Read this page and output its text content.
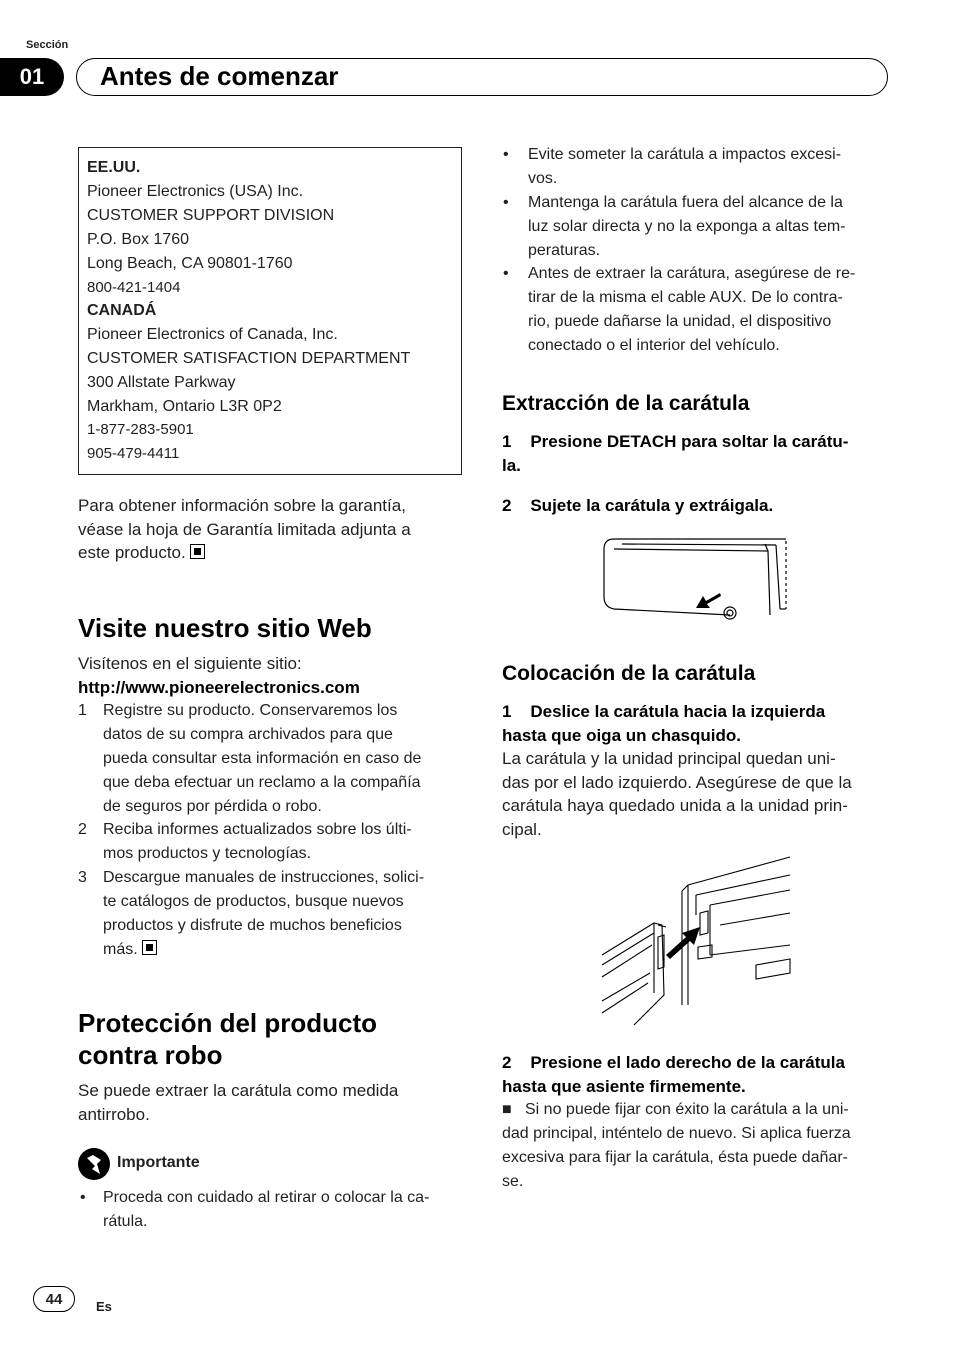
Sección
01	Antes de comenzar
EE.UU.
Pioneer Electronics (USA) Inc.
CUSTOMER SUPPORT DIVISION
P.O. Box 1760
Long Beach, CA 90801-1760
800-421-1404
CANADÁ
Pioneer Electronics of Canada, Inc.
CUSTOMER SATISFACTION DEPARTMENT
300 Allstate Parkway
Markham, Ontario L3R 0P2
1-877-283-5901
905-479-4411
Para obtener información sobre la garantía,
véase la hoja de Garantía limitada adjunta a
este producto.
Visite nuestro sitio Web
Visítenos en el siguiente sitio:
http://www.pioneerelectronics.com
1 Registre su producto. Conservaremos los
datos de su compra archivados para que
pueda consultar esta información en caso de
que deba efectuar un reclamo a la compañía
de seguros por pérdida o robo.
2 Reciba informes actualizados sobre los últi-
mos productos y tecnologías.
3 Descargue manuales de instrucciones, solici-
te catálogos de productos, busque nuevos
productos y disfrute de muchos beneficios
más.
Protección del producto
contra robo
Se puede extraer la carátula como medida
antirrobo.
Importante
• Proceda con cuidado al retirar o colocar la ca-
rátula.
• Evite someter la carátula a impactos excesi-
vos.
• Mantenga la carátula fuera del alcance de la
luz solar directa y no la exponga a altas tem-
peraturas.
• Antes de extraer la carátura, asegúrese de re-
tirar de la misma el cable AUX. De lo contra-
rio, puede dañarse la unidad, el dispositivo
conectado o el interior del vehículo.
Extracción de la carátula
1    Presione DETACH para soltar la carátu-
la.
2    Sujete la carátula y extráigala.
Colocación de la carátula
1    Deslice la carátula hacia la izquierda
hasta que oiga un chasquido.
La carátula y la unidad principal quedan uni-
das por el lado izquierdo. Asegúrese de que la
carátula haya quedado unida a la unidad prin-
cipal.
2    Presione el lado derecho de la carátula
hasta que asiente firmemente.
■   Si no puede fijar con éxito la carátula a la uni-
dad principal, inténtelo de nuevo. Si aplica fuerza
excesiva para fijar la carátula, ésta puede dañar-
se.
44	Es
